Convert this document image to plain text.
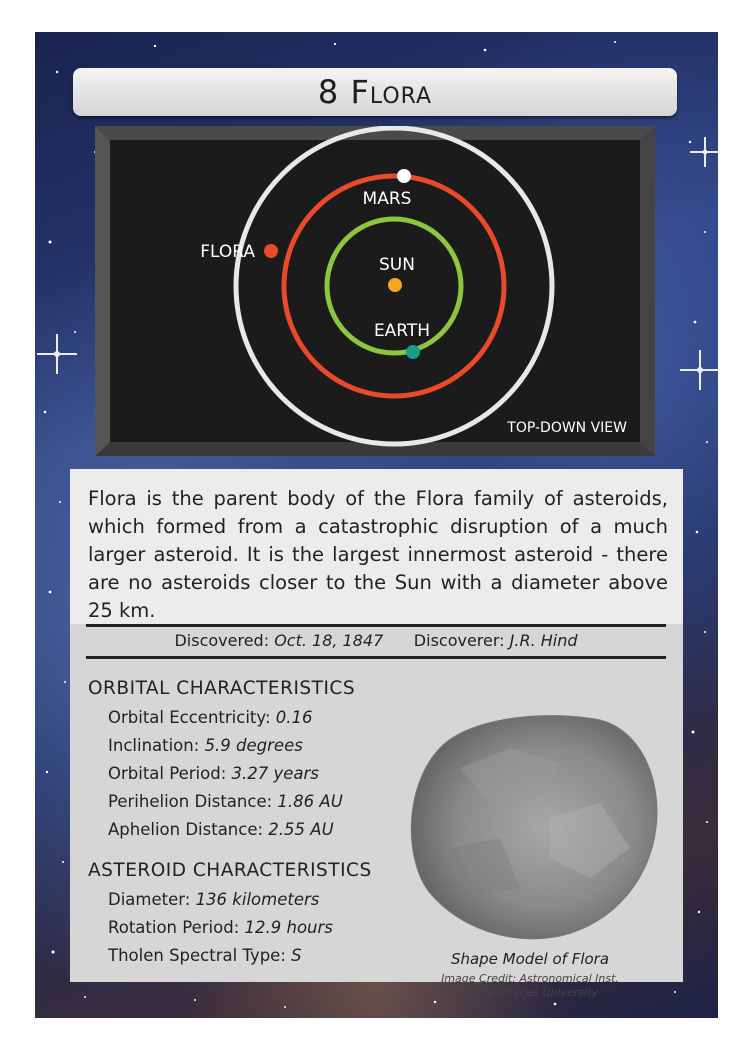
8 Flora
FLORA
MARS
SUN
EARTH
TOP-DOWN VIEW
Flora is the parent body of the Flora family of asteroids, which formed from a catastrophic disruption of a much larger asteroid. It is the largest innermost asteroid - there are no asteroids closer to the Sun with a diameter above 25 km.
Discovered: Oct. 18, 1847 Discoverer: J.R. Hind
ORBITAL CHARACTERISTICS
Orbital Eccentricity: 0.16
Inclination: 5.9 degrees
Orbital Period: 3.27 years
Perihelion Distance: 1.86 AU
Aphelion Distance: 2.55 AU
ASTEROID CHARACTERISTICS
Diameter: 136 kilometers
Rotation Period: 12.9 hours
Tholen Spectral Type: S	Shape Model of Flora
Image Credit: Astronomical Inst.
of the Charles University
